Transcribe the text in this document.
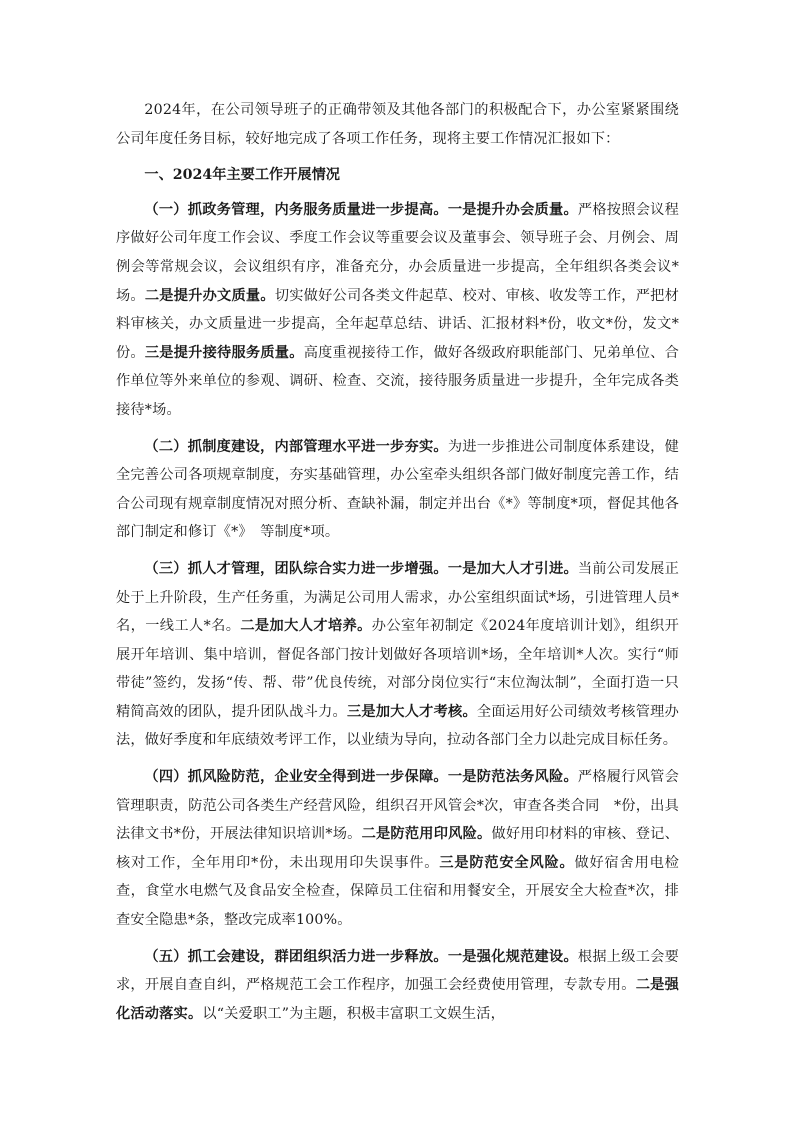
2024年，在公司领导班子的正确带领及其他各部门的积极配合下，办公室紧紧围绕公司年度任务目标，较好地完成了各项工作任务，现将主要工作情况汇报如下：

一、2024年主要工作开展情况

（一）抓政务管理，内务服务质量进一步提高。一是提升办会质量。严格按照会议程序做好公司年度工作会议、季度工作会议等重要会议及董事会、领导班子会、月例会、周例会等常规会议，会议组织有序，准备充分，办会质量进一步提高，全年组织各类会议*场。二是提升办文质量。切实做好公司各类文件起草、校对、审核、收发等工作，严把材料审核关，办文质量进一步提高，全年起草总结、讲话、汇报材料*份，收文*份，发文*份。三是提升接待服务质量。高度重视接待工作，做好各级政府职能部门、兄弟单位、合作单位等外来单位的参观、调研、检查、交流，接待服务质量进一步提升，全年完成各类接待*场。

（二）抓制度建设，内部管理水平进一步夯实。为进一步推进公司制度体系建设，健全完善公司各项规章制度，夯实基础管理，办公室牵头组织各部门做好制度完善工作，结合公司现有规章制度情况对照分析、查缺补漏，制定并出台《*》等制度*项，督促其他各部门制定和修订《*》　等制度*项。

（三）抓人才管理，团队综合实力进一步增强。一是加大人才引进。当前公司发展正处于上升阶段，生产任务重，为满足公司用人需求，办公室组织面试*场，引进管理人员*名，一线工人*名。二是加大人才培养。办公室年初制定《2024年度培训计划》，组织开展开年培训、集中培训，督促各部门按计划做好各项培训*场，全年培训*人次。实行“师带徒”签约，发扬“传、帮、带”优良传统，对部分岗位实行“末位淘汰制”，全面打造一只精简高效的团队，提升团队战斗力。三是加大人才考核。全面运用好公司绩效考核管理办法，做好季度和年底绩效考评工作，以业绩为导向，拉动各部门全力以赴完成目标任务。

（四）抓风险防范，企业安全得到进一步保障。一是防范法务风险。严格履行风管会管理职责，防范公司各类生产经营风险，组织召开风管会*次，审查各类合同　*份，出具法律文书*份，开展法律知识培训*场。二是防范用印风险。做好用印材料的审核、登记、核对工作，全年用印*份，未出现用印失误事件。三是防范安全风险。做好宿舍用电检查，食堂水电燃气及食品安全检查，保障员工住宿和用餐安全，开展安全大检查*次，排查安全隐患*条，整改完成率100%。

（五）抓工会建设，群团组织活力进一步释放。一是强化规范建设。根据上级工会要求，开展自查自纠，严格规范工会工作程序，加强工会经费使用管理，专款专用。二是强化活动落实。以“关爱职工”为主题，积极丰富职工文娱生活，
